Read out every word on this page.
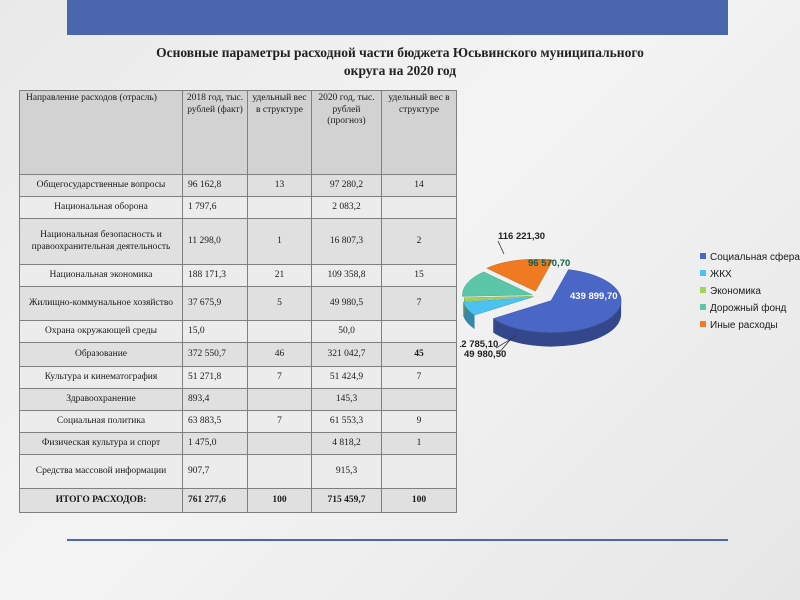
Основные параметры расходной части бюджета Юсьвинского муниципального
округа на 2020 год
Направление расходов (отрасль)	2018 год, тыс. рублей (факт)	удельный вес в структуре	2020 год, тыс. рублей (прогноз)	удельный вес в структуре
Общегосударственные вопросы	96 162,8	13	97 280,2	14
Национальная оборона	1 797,6		2 083,2	
Национальная безопасность и правоохранительная деятельность	11 298,0	1	16 807,3	2
Национальная экономика	188 171,3	21	109 358,8	15
Жилищно-коммунальное хозяйство	37 675,9	5	49 980,5	7
Охрана окружающей среды	15,0		50,0	
Образование	372 550,7	46	321 042,7	45
Культура и кинематография	51 271,8	7	51 424,9	7
Здравоохранение	893,4		145,3	
Социальная политика	63 883,5	7	61 553,3	9
Физическая культура и спорт	1 475,0		4 818,2	1
Средства массовой информации	907,7		915,3	
ИТОГО РАСХОДОВ:	761 277,6	100	715 459,7	100
439 899,70
49 980,50
12 785,10
96 570,70
116 221,30
Социальная сфера
ЖКХ
Экономика
Дорожный фонд
Иные расходы
